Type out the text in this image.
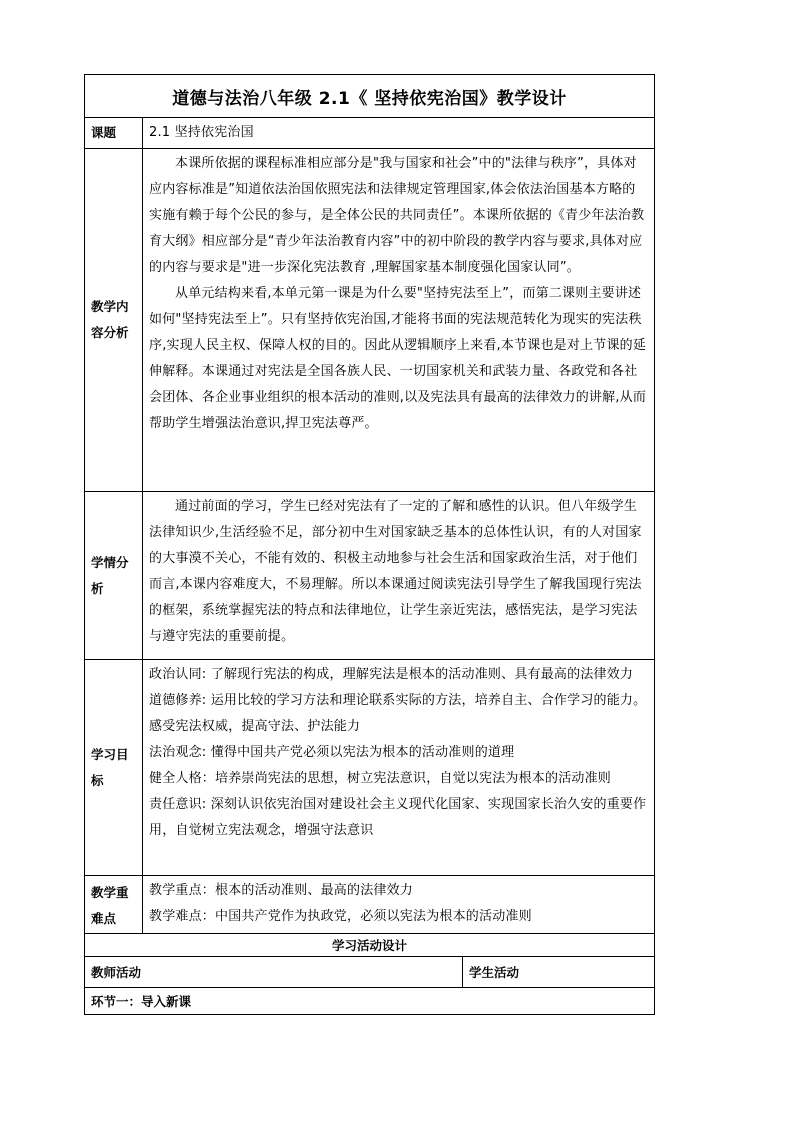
道德与法治八年级 2.1《 坚持依宪治国》教学设计		
课题	2.1 坚持依宪治国	
教学内容分析	本课所依据的课程标准相应部分是"我与国家和社会”中的"法律与秩序”，具体对应内容标准是”知道依法治国依照宪法和法律规定管理国家,体会依法治国基本方略的实施有赖于每个公民的参与，是全体公民的共同责任”。本课所依据的《青少年法治教育大纲》相应部分是“青少年法治教育内容”中的初中阶段的教学内容与要求,具体对应的内容与要求是"进一步深化宪法教育 ,理解国家基本制度强化国家认同”。

从单元结构来看,本单元第一课是为什么要"坚持宪法至上”，而第二课则主要讲述如何"坚持宪法至上”。只有坚持依宪治国,才能将书面的宪法规范转化为现实的宪法秩序,实现人民主权、保障人权的目的。因此从逻辑顺序上来看,本节课也是对上节课的延伸解释。本课通过对宪法是全国各族人民、一切国家机关和武装力量、各政党和各社会团体、各企业事业组织的根本活动的准则,以及宪法具有最高的法律效力的讲解,从而帮助学生增强法治意识,捍卫宪法尊严。	

学情分析	通过前面的学习，学生已经对宪法有了一定的了解和感性的认识。但八年级学生法律知识少,生活经验不足，部分初中生对国家缺乏基本的总体性认识，有的人对国家的大事漠不关心，不能有效的、积极主动地参与社会生活和国家政治生活，对于他们而言,本课内容难度大，不易理解。所以本课通过阅读宪法引导学生了解我国现行宪法的框架，系统掌握宪法的特点和法律地位，让学生亲近宪法，感悟宪法，是学习宪法与遵守宪法的重要前提。	

学习目标	政治认同: 了解现行宪法的构成，理解宪法是根本的活动准则、具有最高的法律效力

道德修养: 运用比较的学习方法和理论联系实际的方法，培养自主、合作学习的能力。感受宪法权威，提高守法、护法能力

法治观念: 懂得中国共产党必须以宪法为根本的活动准则的道理

健全人格：培养崇尚宪法的思想，树立宪法意识，自觉以宪法为根本的活动准则

责任意识: 深刻认识依宪治国对建设社会主义现代化国家、实现国家长治久安的重要作用，自觉树立宪法观念，增强守法意识	

教学重难点	教学重点：根本的活动准则、最高的法律效力

教学难点：中国共产党作为执政党，必须以宪法为根本的活动准则	

学习活动设计		
教师活动		学生活动
环节一：导入新课		
